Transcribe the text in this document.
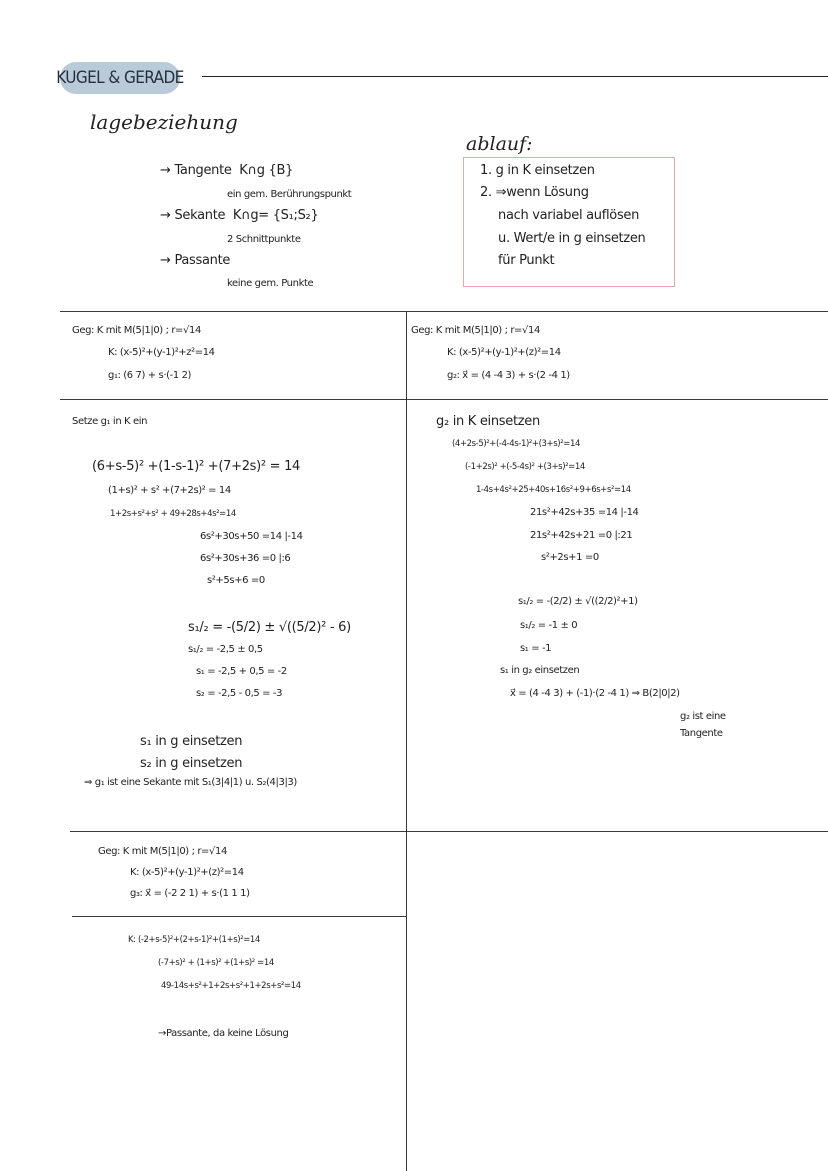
KUGEL & GERADE
lagebeziehung
→ Tangente K∩g {B}
ein gem. Berührungspunkt
→ Sekante K∩g= {S₁;S₂}
2 Schnittpunkte
→ Passante
keine gem. Punkte
ablauf:
1. g in K einsetzen
2. ⇒wenn Lösung
nach variabel auflösen
u. Wert/e in g einsetzen
für Punkt
Geg: K mit M(5|1|0) ; r=√14
K: (x-5)²+(y-1)²+z²=14
g₁: (6 7) + s·(-1 2)
Geg: K mit M(5|1|0) ; r=√14
K: (x-5)²+(y-1)²+(z)²=14
g₂: x⃗ = (4 -4 3) + s·(2 -4 1)
Setze g₁ in K ein
(6+s-5)² +(1-s-1)² +(7+2s)² = 14
(1+s)² + s² +(7+2s)² = 14
1+2s+s²+s² + 49+28s+4s²=14
6s²+30s+50 =14 |-14
6s²+30s+36 =0 |:6
s²+5s+6 =0
s₁/₂ = -(5/2) ± √((5/2)² - 6)
s₁/₂ = -2,5 ± 0,5
s₁ = -2,5 + 0,5 = -2
s₂ = -2,5 - 0,5 = -3
s₁ in g einsetzen
s₂ in g einsetzen
⇒ g₁ ist eine Sekante mit S₁(3|4|1) u. S₂(4|3|3)
g₂ in K einsetzen
(4+2s-5)²+(-4-4s-1)²+(3+s)²=14
(-1+2s)² +(-5-4s)² +(3+s)²=14
1-4s+4s²+25+40s+16s²+9+6s+s²=14
21s²+42s+35 =14 |-14
21s²+42s+21 =0 |:21
s²+2s+1 =0
s₁/₂ = -(2/2) ± √((2/2)²+1)
s₁/₂ = -1 ± 0
s₁ = -1
s₁ in g₂ einsetzen
x⃗ = (4 -4 3) + (-1)·(2 -4 1) ⇒ B(2|0|2)
g₂ ist eine
Tangente
Geg: K mit M(5|1|0) ; r=√14
K: (x-5)²+(y-1)²+(z)²=14
g₃: x⃗ = (-2 2 1) + s·(1 1 1)
K: (-2+s-5)²+(2+s-1)²+(1+s)²=14
(-7+s)² + (1+s)² +(1+s)² =14
49-14s+s²+1+2s+s²+1+2s+s²=14
→Passante, da keine Lösung
